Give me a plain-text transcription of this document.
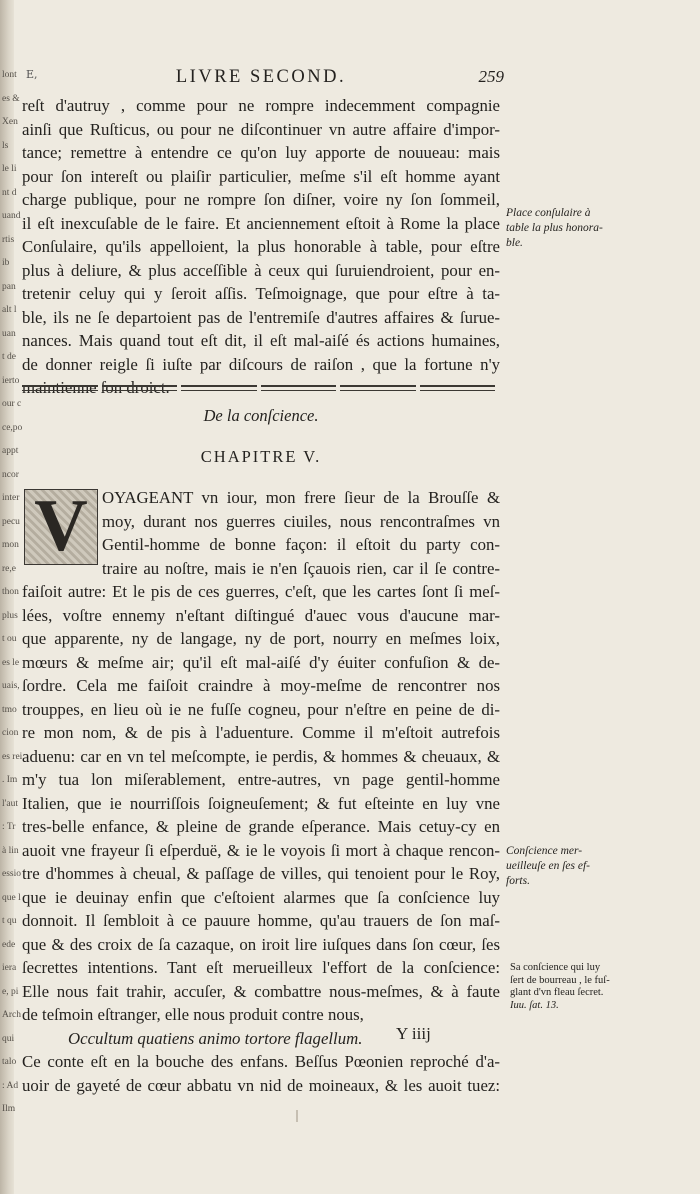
lont
es &
Xen
ls
le li
nt d
uand
rtis
ib
pan
alt l
uan
t de
ierto
our c
ce,po
appt
ncor
inter
pecu
mon
re,e
thon
plus
t ou
es le
uais,
tmo
cion
es rei
. Im
l'aut
: Tr
à lin
essio
que l
t qu
ede
iera
e, pi
Arch
qui
talo
: Ad
Ilm
E,	LIVRE SECOND.	259
reſt d'autruy , comme pour ne rompre indecemment compagnie
ainſi que Ruſticus, ou pour ne diſcontinuer vn autre affaire d'impor-
tance; remettre à entendre ce qu'on luy apporte de nouueau: mais
pour ſon intereſt ou plaiſir particulier, meſme s'il eſt homme ayant
charge publique, pour ne rompre ſon diſner, voire ny ſon ſommeil,
il eſt inexcuſable de le faire. Et anciennement eſtoit à Rome la place
Conſulaire, qu'ils appelloient, la plus honorable à table, pour eſtre
plus à deliure, & plus acceſſible à ceux qui ſuruiendroient, pour en-
tretenir celuy qui y ſeroit aſſis. Teſmoignage, que pour eſtre à ta-
ble, ils ne ſe departoient pas de l'entremiſe d'autres affaires & ſurue-
nances. Mais quand tout eſt dit, il eſt mal-aiſé és actions humaines,
de donner reigle ſi iuſte par diſcours de raiſon , que la fortune n'y
maintienne ſon droict.
De la conſcience.
CHAPITRE V.
V OYAGEANT vn iour, mon frere ſieur de la Brouſſe &
moy, durant nos guerres ciuiles, nous rencontraſmes vn
Gentil-homme de bonne façon: il eſtoit du party con-
traire au noſtre, mais ie n'en ſçauois rien, car il ſe contre-
faiſoit autre: Et le pis de ces guerres, c'eſt, que les cartes ſont ſi meſ-
lées, voſtre ennemy n'eſtant diſtingué d'auec vous d'aucune mar-
que apparente, ny de langage, ny de port, nourry en meſmes loix,
mœurs & meſme air; qu'il eſt mal-aiſé d'y éuiter confuſion & de-
ſordre. Cela me faiſoit craindre à moy-meſme de rencontrer nos
trouppes, en lieu où ie ne fuſſe cogneu, pour n'eſtre en peine de di-
re mon nom, & de pis à l'aduenture. Comme il m'eſtoit autrefois
aduenu: car en vn tel meſcompte, ie perdis, & hommes & cheuaux, &
m'y tua lon miſerablement, entre-autres, vn page gentil-homme
Italien, que ie nourriſſois ſoigneuſement; & fut eſteinte en luy vne
tres-belle enfance, & pleine de grande eſperance. Mais cetuy-cy en
auoit vne frayeur ſi eſperduë, & ie le voyois ſi mort à chaque rencon-
tre d'hommes à cheual, & paſſage de villes, qui tenoient pour le Roy,
que ie deuinay enfin que c'eſtoient alarmes que ſa conſcience luy
donnoit. Il ſembloit à ce pauure homme, qu'au trauers de ſon maſ-
que & des croix de ſa cazaque, on iroit lire iuſques dans ſon cœur, ſes
ſecrettes intentions. Tant eſt merueilleux l'effort de la conſcience:
Elle nous fait trahir, accuſer, & combattre nous-meſmes, & à faute
de teſmoin eſtranger, elle nous produit contre nous,
Occultum quatiens animo tortore flagellum.
Ce conte eſt en la bouche des enfans. Beſſus Pœonien reproché d'a-
uoir de gayeté de cœur abbatu vn nid de moineaux, & les auoit tuez:
Y iiij
Place conſulaire à
table la plus honora-
ble.
Conſcience mer-
ueilleuſe en ſes ef-
forts.
Sa conſcience qui luy
ſert de bourreau , le fuſ-
glant d'vn fleau ſecret.
Iuu. ſat. 13.
